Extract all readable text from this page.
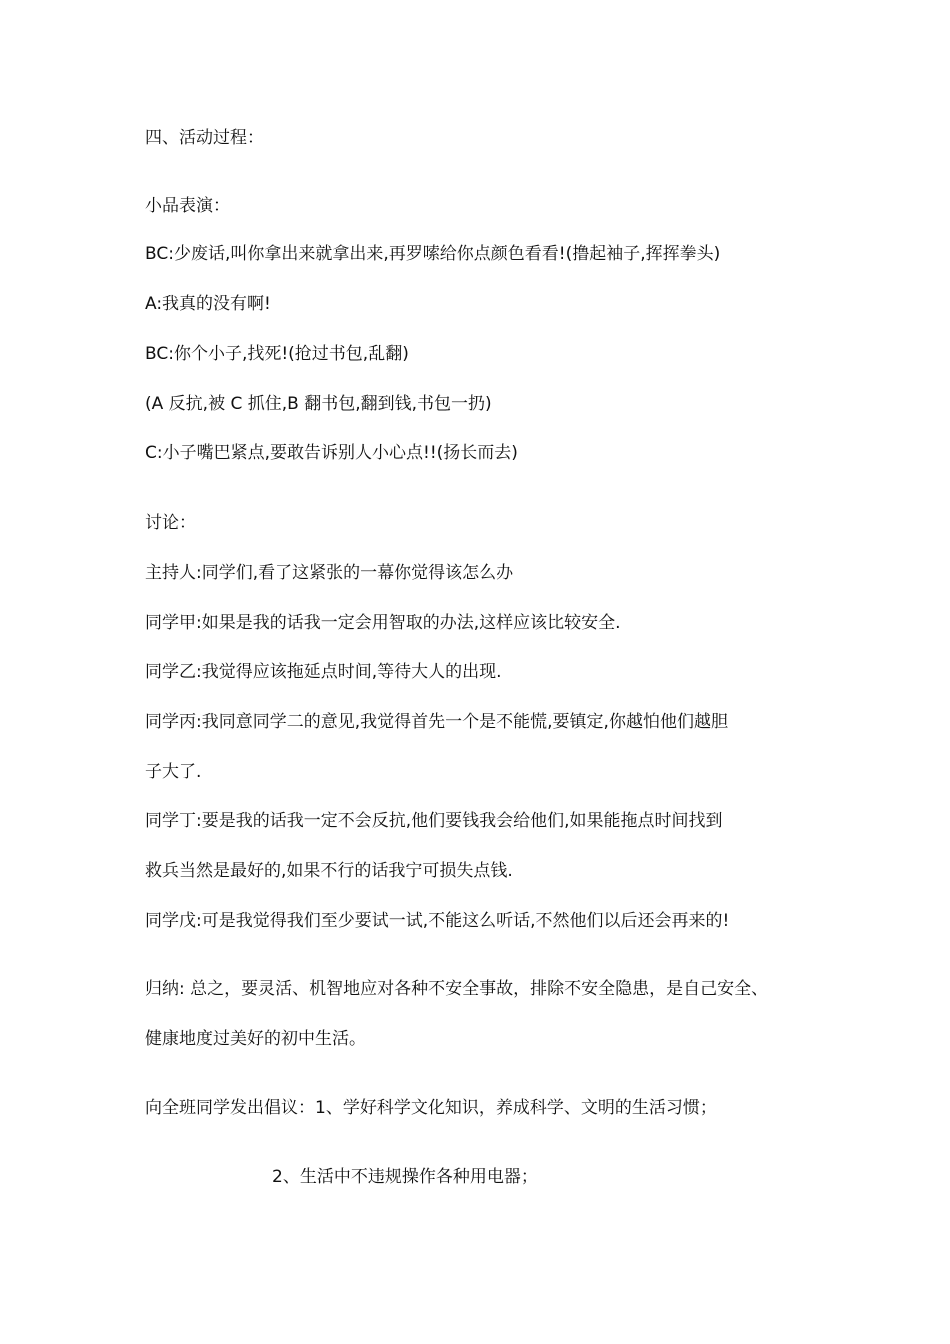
四、活动过程：
小品表演：
BC:少废话,叫你拿出来就拿出来,再罗嗦给你点颜色看看!(撸起袖子,挥挥拳头)
A:我真的没有啊!
BC:你个小子,找死!(抢过书包,乱翻)
(A 反抗,被 C 抓住,B 翻书包,翻到钱,书包一扔)
C:小子嘴巴紧点,要敢告诉别人小心点!!(扬长而去)
讨论：
主持人:同学们,看了这紧张的一幕你觉得该怎么办
同学甲:如果是我的话我一定会用智取的办法,这样应该比较安全.
同学乙:我觉得应该拖延点时间,等待大人的出现.
同学丙:我同意同学二的意见,我觉得首先一个是不能慌,要镇定,你越怕他们越胆
子大了.
同学丁:要是我的话我一定不会反抗,他们要钱我会给他们,如果能拖点时间找到
救兵当然是最好的,如果不行的话我宁可损失点钱.
同学戊:可是我觉得我们至少要试一试,不能这么听话,不然他们以后还会再来的!
归纳: 总之，要灵活、机智地应对各种不安全事故，排除不安全隐患，是自己安全、
健康地度过美好的初中生活。
向全班同学发出倡议：1、学好科学文化知识，养成科学、文明的生活习惯；
2、生活中不违规操作各种用电器；
